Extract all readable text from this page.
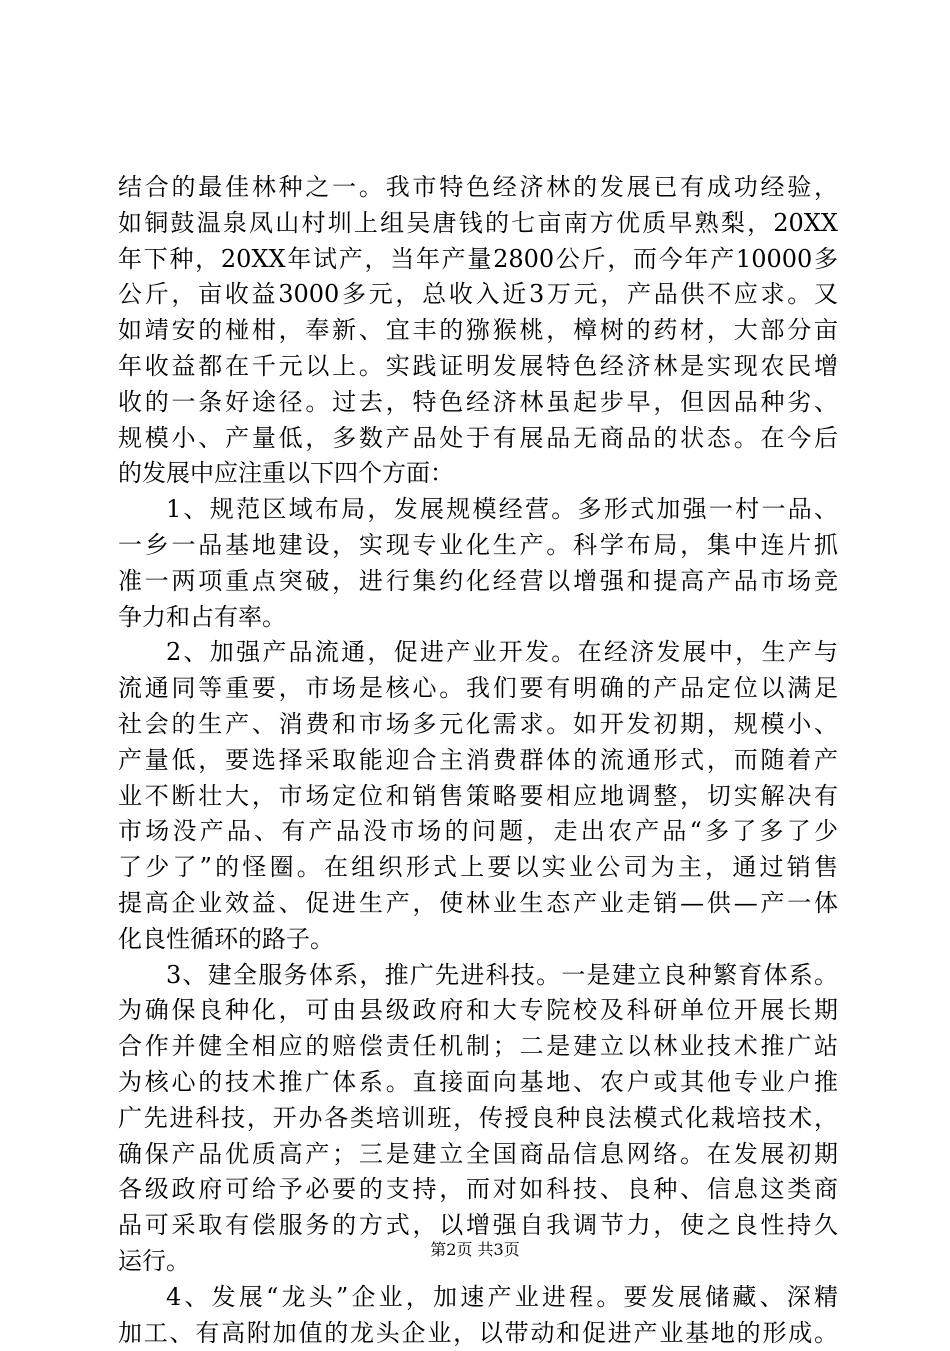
结合的最佳林种之一。我市特色经济林的发展已有成功经验，
如铜鼓温泉凤山村圳上组吴唐钱的七亩南方优质早熟梨，20XX
年下种，20XX年试产，当年产量2800公斤，而今年产10000多
公斤，亩收益3000多元，总收入近3万元，产品供不应求。又
如靖安的椪柑，奉新、宜丰的猕猴桃，樟树的药材，大部分亩
年收益都在千元以上。实践证明发展特色经济林是实现农民增
收的一条好途径。过去，特色经济林虽起步早，但因品种劣、
规模小、产量低，多数产品处于有展品无商品的状态。在今后
的发展中应注重以下四个方面：
1、规范区域布局，发展规模经营。多形式加强一村一品、
一乡一品基地建设，实现专业化生产。科学布局，集中连片抓
准一两项重点突破，进行集约化经营以增强和提高产品市场竞
争力和占有率。
2、加强产品流通，促进产业开发。在经济发展中，生产与
流通同等重要，市场是核心。我们要有明确的产品定位以满足
社会的生产、消费和市场多元化需求。如开发初期，规模小、
产量低，要选择采取能迎合主消费群体的流通形式，而随着产
业不断壮大，市场定位和销售策略要相应地调整，切实解决有
市场没产品、有产品没市场的问题，走出农产品“多了多了少
了少了”的怪圈。在组织形式上要以实业公司为主，通过销售
提高企业效益、促进生产，使林业生态产业走销—供—产一体
化良性循环的路子。
3、建全服务体系，推广先进科技。一是建立良种繁育体系。
为确保良种化，可由县级政府和大专院校及科研单位开展长期
合作并健全相应的赔偿责任机制；二是建立以林业技术推广站
为核心的技术推广体系。直接面向基地、农户或其他专业户推
广先进科技，开办各类培训班，传授良种良法模式化栽培技术，
确保产品优质高产；三是建立全国商品信息网络。在发展初期
各级政府可给予必要的支持，而对如科技、良种、信息这类商
品可采取有偿服务的方式，以增强自我调节力，使之良性持久
运行。
4、发展“龙头”企业，加速产业进程。要发展储藏、深精
加工、有高附加值的龙头企业，以带动和促进产业基地的形成。
第2页 共3页
